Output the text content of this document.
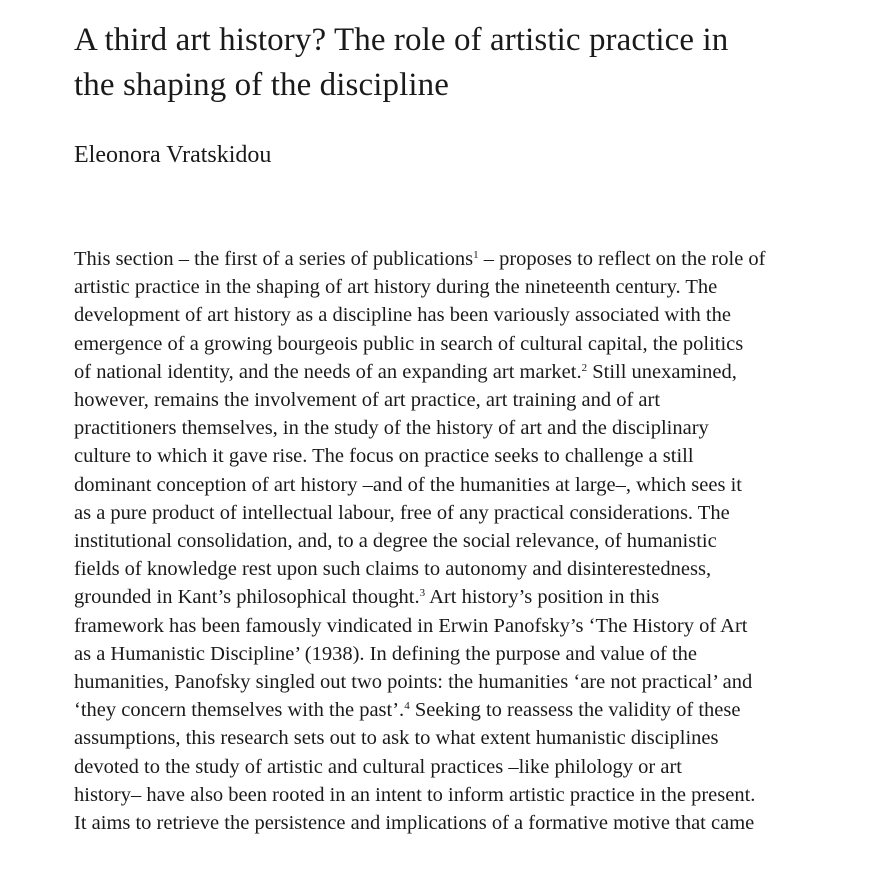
A third art history? The role of artistic practice in
the shaping of the discipline
Eleonora Vratskidou
This section – the first of a series of publications$^1$ – proposes to reflect on the role of
artistic practice in the shaping of art history during the nineteenth century. The
development of art history as a discipline has been variously associated with the
emergence of a growing bourgeois public in search of cultural capital, the politics
of national identity, and the needs of an expanding art market.$^2$ Still unexamined,
however, remains the involvement of art practice, art training and of art
practitioners themselves, in the study of the history of art and the disciplinary
culture to which it gave rise. The focus on practice seeks to challenge a still
dominant conception of art history –and of the humanities at large–, which sees it
as a pure product of intellectual labour, free of any practical considerations. The
institutional consolidation, and, to a degree the social relevance, of humanistic
fields of knowledge rest upon such claims to autonomy and disinterestedness,
grounded in Kant’s philosophical thought.$^3$ Art history’s position in this
framework has been famously vindicated in Erwin Panofsky’s ‘The History of Art
as a Humanistic Discipline’ (1938). In defining the purpose and value of the
humanities, Panofsky singled out two points: the humanities ‘are not practical’ and
‘they concern themselves with the past’.$^4$ Seeking to reassess the validity of these
assumptions, this research sets out to ask to what extent humanistic disciplines
devoted to the study of artistic and cultural practices –like philology or art
history– have also been rooted in an intent to inform artistic practice in the present.
It aims to retrieve the persistence and implications of a formative motive that came
